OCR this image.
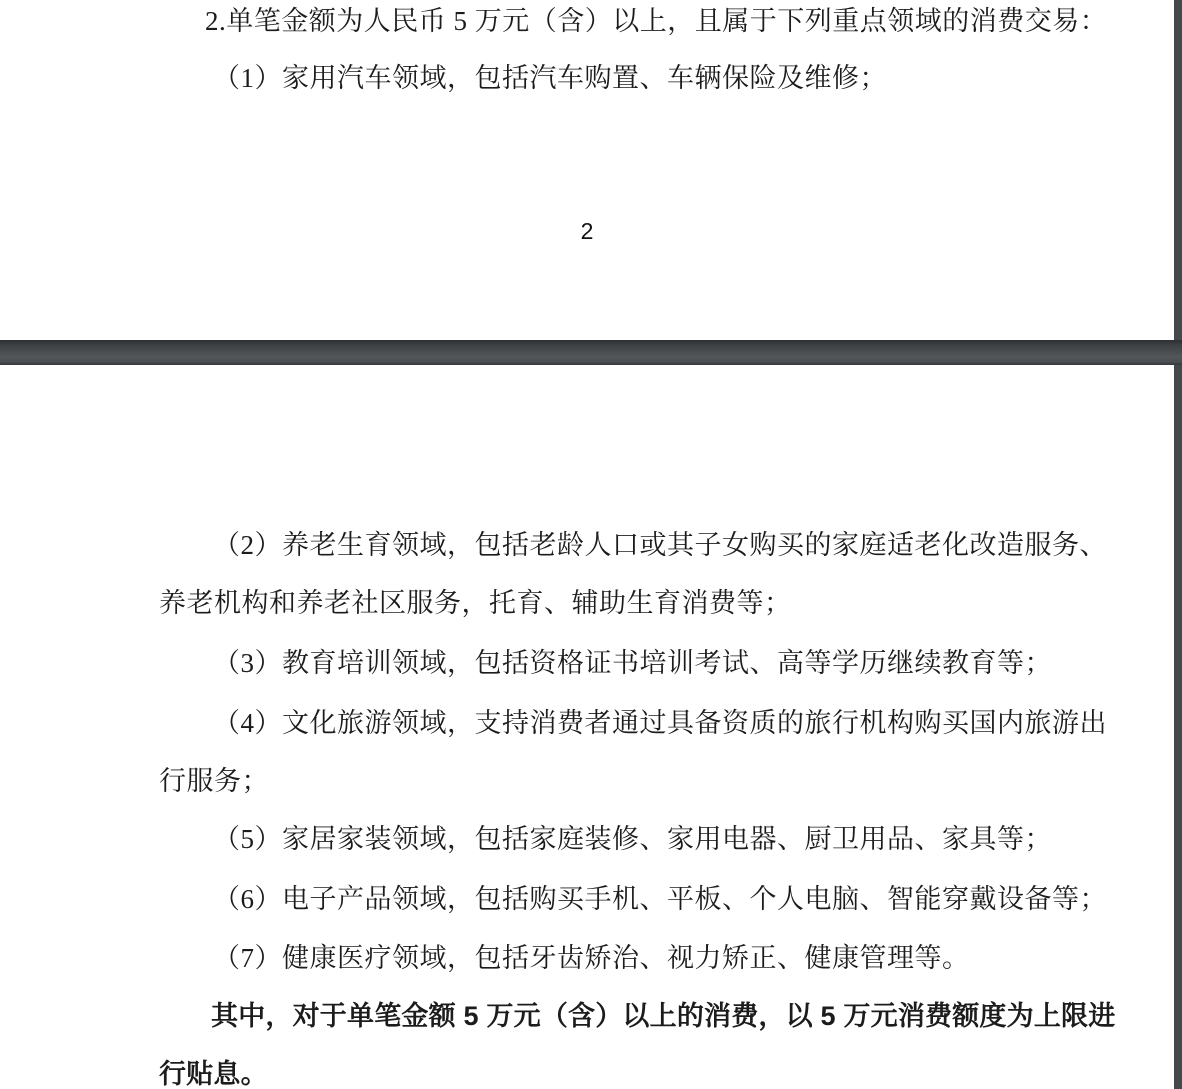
2.单笔金额为人民币 5 万元（含）以上，且属于下列重点领域的消费交易：
（1）家用汽车领域，包括汽车购置、车辆保险及维修；
2
（2）养老生育领域，包括老龄人口或其子女购买的家庭适老化改造服务、
养老机构和养老社区服务，托育、辅助生育消费等；
（3）教育培训领域，包括资格证书培训考试、高等学历继续教育等；
（4）文化旅游领域，支持消费者通过具备资质的旅行机构购买国内旅游出
行服务；
（5）家居家装领域，包括家庭装修、家用电器、厨卫用品、家具等；
（6）电子产品领域，包括购买手机、平板、个人电脑、智能穿戴设备等；
（7）健康医疗领域，包括牙齿矫治、视力矫正、健康管理等。
其中，对于单笔金额 5 万元（含）以上的消费，以 5 万元消费额度为上限进
行贴息。
